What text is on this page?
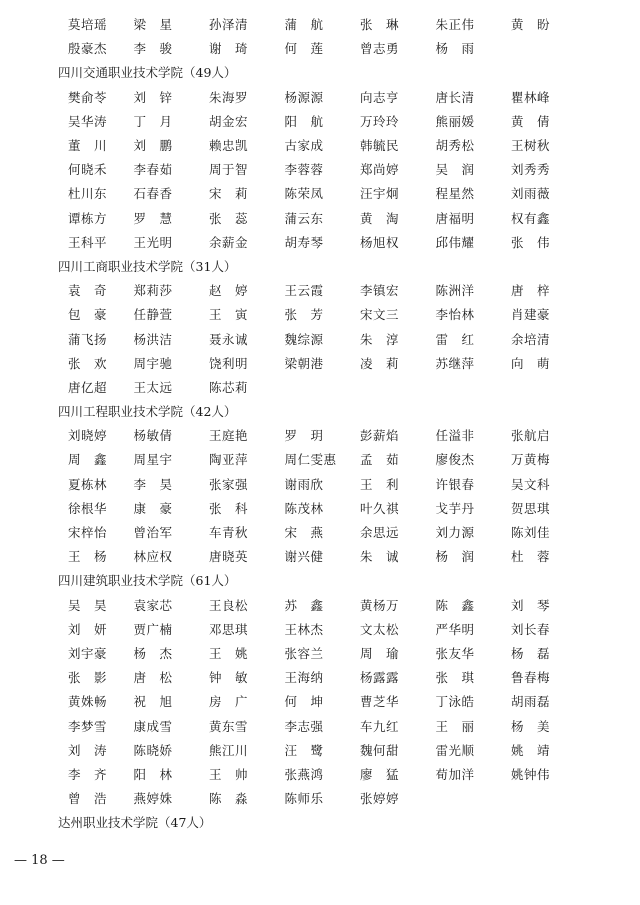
莫培瑶	梁　星	孙泽清	蒲　航	张　琳	朱正伟	黄　盼
殷豪杰	李　骏	谢　琦	何　莲	曾志勇	杨　雨
四川交通职业技术学院（49人）
樊俞苓	刘　锌	朱海罗	杨源源	向志亨	唐长清	瞿林峰
吴华涛	丁　月	胡金宏	阳　航	万玲玲	熊丽媛	黄　倩
董　川	刘　鹏	赖忠凯	古家成	韩毓民	胡秀松	王树秋
何晓禾	李春茹	周于智	李蓉蓉	郑尚婷	吴　润	刘秀秀
杜川东	石春香	宋　莉	陈荣凤	汪宇炯	程星然	刘雨薇
谭栋方	罗　慧	张　蕊	蒲云东	黄　淘	唐福明	权有鑫
王科平	王光明	余薪金	胡寿琴	杨旭权	邱伟耀	张　伟
四川工商职业技术学院（31人）
袁　奇	郑莉莎	赵　婷	王云霞	李镇宏	陈洲洋	唐　梓
包　豪	任静萱	王　寅	张　芳	宋文三	李怡林	肖建豪
蒲飞扬	杨洪洁	聂永诚	魏综源	朱　淳	雷　红	余培清
张　欢	周宇驰	饶利明	梁朝港	凌　莉	苏继萍	向　萌
唐亿超	王太远	陈芯莉
四川工程职业技术学院（42人）
刘晓婷	杨敏倩	王庭艳	罗　玥	彭薪焰	任溢非	张航启
周　鑫	周星宇	陶亚萍	周仁雯惠	孟　茹	廖俊杰	万黄梅
夏栋林	李　昊	张家强	谢雨欣	王　利	许银春	吴文科
徐根华	康　豪	张　科	陈茂林	叶久祺	戈芋丹	贺思琪
宋梓怡	曾治军	车青秋	宋　燕	余思远	刘力源	陈刘佳
王　杨	林应权	唐晓英	谢兴健	朱　诚	杨　润	杜　蓉
四川建筑职业技术学院（61人）
吴　昊	袁家芯	王良松	苏　鑫	黄杨万	陈　鑫	刘　琴
刘　妍	贾广楠	邓思琪	王林杰	文太松	严华明	刘长春
刘宇豪	杨　杰	王　姚	张容兰	周　瑜	张友华	杨　磊
张　影	唐　松	钟　敏	王海纳	杨露露	张　琪	鲁春梅
黄姝畅	祝　旭	房　广	何　坤	曹芝华	丁泳皓	胡雨磊
李梦雪	康成雪	黄东雪	李志强	车九红	王　丽	杨　美
刘　涛	陈晓娇	熊江川	汪　鹭	魏何甜	雷光顺	姚　靖
李　齐	阳　林	王　帅	张燕鸿	廖　猛	荀加洋	姚钟伟
曾　浩	燕婷姝	陈　淼	陈师乐	张婷婷
达州职业技术学院（47人）
— 18 —
